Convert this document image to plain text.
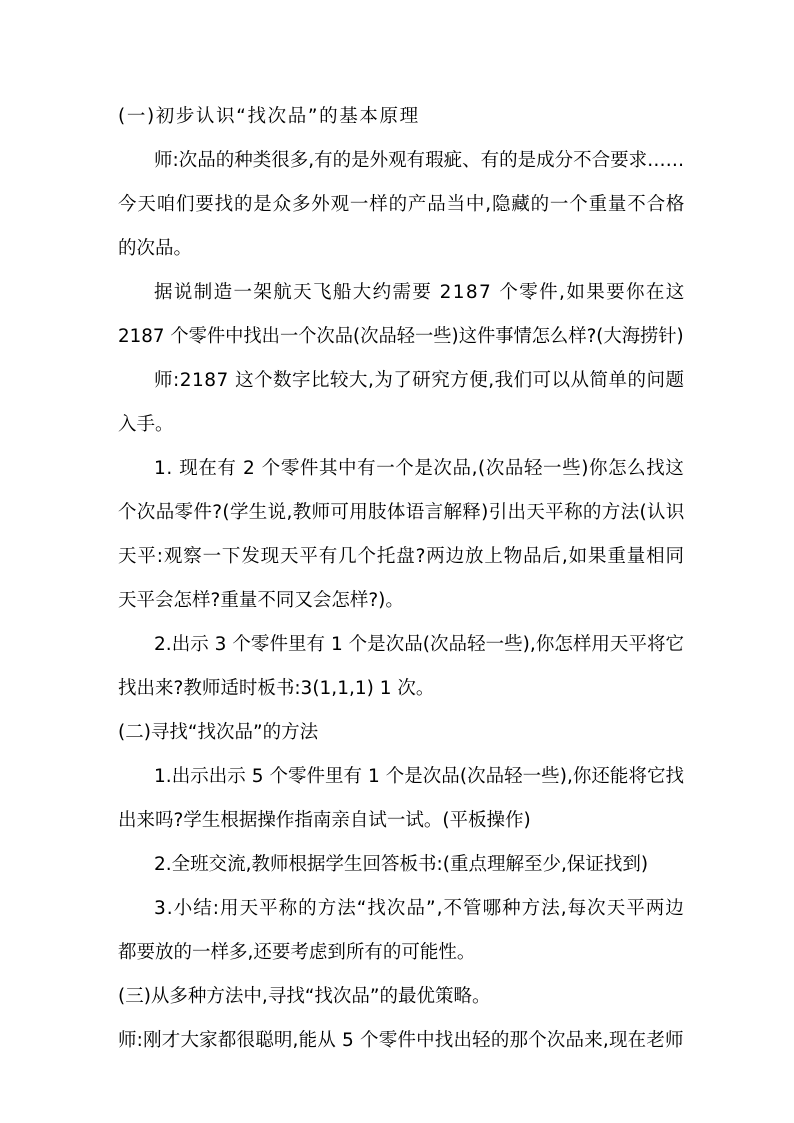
(一)初步认识“找次品”的基本原理
师:次品的种类很多,有的是外观有瑕疵、有的是成分不合要求……
今天咱们要找的是众多外观一样的产品当中,隐藏的一个重量不合格
的次品。
据说制造一架航天飞船大约需要 2187 个零件,如果要你在这
2187 个零件中找出一个次品(次品轻一些)这件事情怎么样?(大海捞针)
师:2187 这个数字比较大,为了研究方便,我们可以从简单的问题
入手。
1. 现在有 2 个零件其中有一个是次品,(次品轻一些)你怎么找这
个次品零件?(学生说,教师可用肢体语言解释)引出天平称的方法(认识
天平:观察一下发现天平有几个托盘?两边放上物品后,如果重量相同
天平会怎样?重量不同又会怎样?)。
2.出示 3 个零件里有 1 个是次品(次品轻一些),你怎样用天平将它
找出来?教师适时板书:3(1,1,1) 1 次。
(二)寻找“找次品”的方法
1.出示出示 5 个零件里有 1 个是次品(次品轻一些),你还能将它找
出来吗?学生根据操作指南亲自试一试。(平板操作)
2.全班交流,教师根据学生回答板书:(重点理解至少,保证找到)
3.小结:用天平称的方法“找次品”,不管哪种方法,每次天平两边
都要放的一样多,还要考虑到所有的可能性。
(三)从多种方法中,寻找“找次品”的最优策略。
师:刚才大家都很聪明,能从 5 个零件中找出轻的那个次品来,现在老师
